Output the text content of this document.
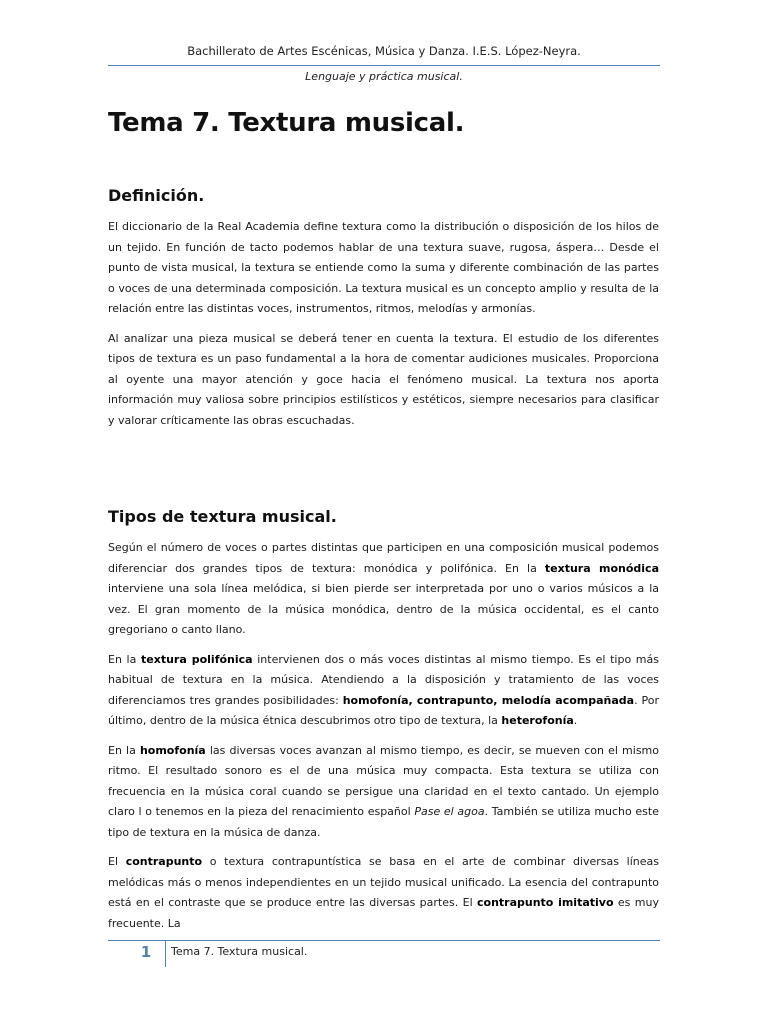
Bachillerato de Artes Escénicas, Música y Danza. I.E.S. López-Neyra.
Lenguaje y práctica musical.
Tema 7. Textura musical.
Definición.

El diccionario de la Real Academia define textura como la distribución o disposición de los hilos de un tejido. En función de tacto podemos hablar de una textura suave, rugosa, áspera… Desde el punto de vista musical, la textura se entiende como la suma y diferente combinación de las partes o voces de una determinada composición. La textura musical es un concepto amplio y resulta de la relación entre las distintas voces, instrumentos, ritmos, melodías y armonías.

Al analizar una pieza musical se deberá tener en cuenta la textura. El estudio de los diferentes tipos de textura es un paso fundamental a la hora de comentar audiciones musicales. Proporciona al oyente una mayor atención y goce hacia el fenómeno musical. La textura nos aporta información muy valiosa sobre principios estilísticos y estéticos, siempre necesarios para clasificar y valorar críticamente las obras escuchadas.

Tipos de textura musical.

Según el número de voces o partes distintas que participen en una composición musical podemos diferenciar dos grandes tipos de textura: monódica y polifónica. En la textura monódica interviene una sola línea melódica, si bien pierde ser interpretada por uno o varios músicos a la vez. El gran momento de la música monódica, dentro de la música occidental, es el canto gregoriano o canto llano.

En la textura polifónica intervienen dos o más voces distintas al mismo tiempo. Es el tipo más habitual de textura en la música. Atendiendo a la disposición y tratamiento de las voces diferenciamos tres grandes posibilidades: homofonía, contrapunto, melodía acompañada. Por último, dentro de la música étnica descubrimos otro tipo de textura, la heterofonía.

En la homofonía las diversas voces avanzan al mismo tiempo, es decir, se mueven con el mismo ritmo. El resultado sonoro es el de una música muy compacta. Esta textura se utiliza con frecuencia en la música coral cuando se persigue una claridad en el texto cantado. Un ejemplo claro l o tenemos en la pieza del renacimiento español Pase el agoa. También se utiliza mucho este tipo de textura en la música de danza.

El contrapunto o textura contrapuntística se basa en el arte de combinar diversas líneas melódicas más o menos independientes en un tejido musical unificado. La esencia del contrapunto está en el contraste que se produce entre las diversas partes. El contrapunto imitativo es muy frecuente. La

1	Tema 7. Textura musical.
